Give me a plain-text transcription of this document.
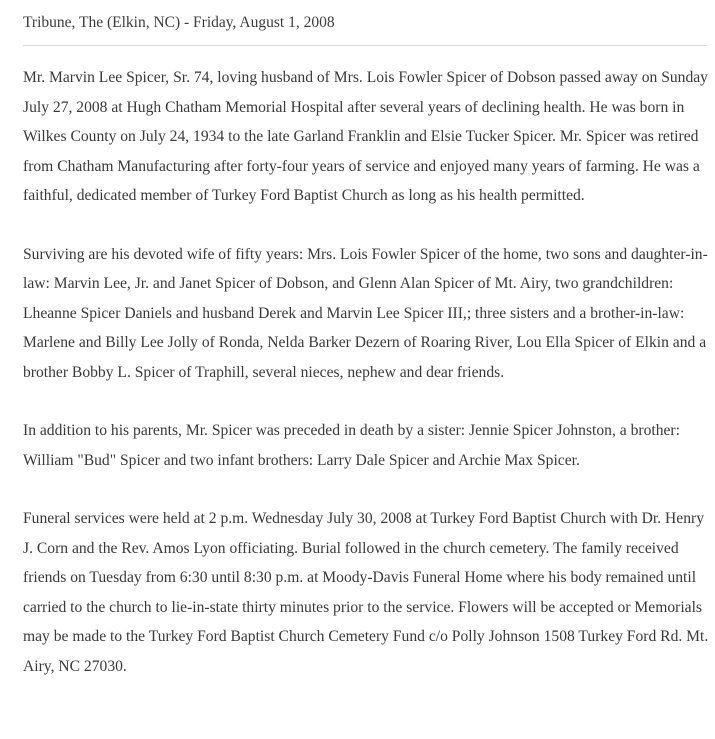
Tribune, The (Elkin, NC) - Friday, August 1, 2008

Mr. Marvin Lee Spicer, Sr. 74, loving husband of Mrs. Lois Fowler Spicer of Dobson passed away on Sunday July 27, 2008 at Hugh Chatham Memorial Hospital after several years of declining health. He was born in Wilkes County on July 24, 1934 to the late Garland Franklin and Elsie Tucker Spicer. Mr. Spicer was retired from Chatham Manufacturing after forty-four years of service and enjoyed many years of farming. He was a faithful, dedicated member of Turkey Ford Baptist Church as long as his health permitted.

Surviving are his devoted wife of fifty years: Mrs. Lois Fowler Spicer of the home, two sons and daughter-in-law: Marvin Lee, Jr. and Janet Spicer of Dobson, and Glenn Alan Spicer of Mt. Airy, two grandchildren: Lheanne Spicer Daniels and husband Derek and Marvin Lee Spicer III,; three sisters and a brother-in-law: Marlene and Billy Lee Jolly of Ronda, Nelda Barker Dezern of Roaring River, Lou Ella Spicer of Elkin and a brother Bobby L. Spicer of Traphill, several nieces, nephew and dear friends.

In addition to his parents, Mr. Spicer was preceded in death by a sister: Jennie Spicer Johnston, a brother: William "Bud" Spicer and two infant brothers: Larry Dale Spicer and Archie Max Spicer.

Funeral services were held at 2 p.m. Wednesday July 30, 2008 at Turkey Ford Baptist Church with Dr. Henry J. Corn and the Rev. Amos Lyon officiating. Burial followed in the church cemetery. The family received friends on Tuesday from 6:30 until 8:30 p.m. at Moody-Davis Funeral Home where his body remained until carried to the church to lie-in-state thirty minutes prior to the service. Flowers will be accepted or Memorials may be made to the Turkey Ford Baptist Church Cemetery Fund c/o Polly Johnson 1508 Turkey Ford Rd. Mt. Airy, NC 27030.
